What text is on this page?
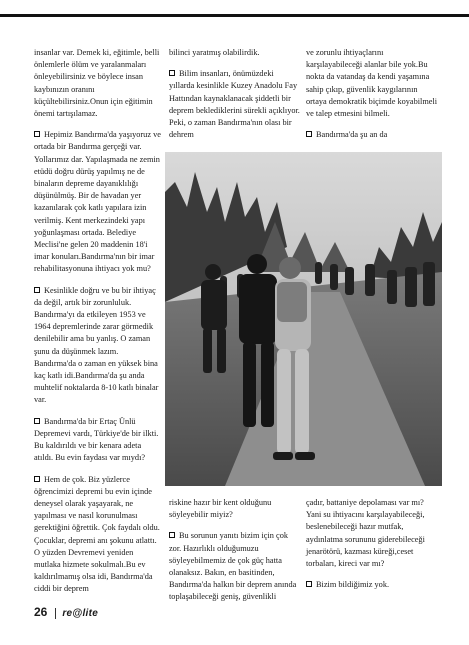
insanlar var. Demek ki, eğitimle, belli önlemlerle ölüm ve yaralanmaları önleyebilirsiniz ve böylece insan kaybınızın oranını küçültebilirsiniz.Onun için eğitimin önemi tartışılamaz.

Hepimiz Bandırma'da yaşıyoruz ve ortada bir Bandırma gerçeği var. Yollarımız dar. Yapılaşmada ne zemin etüdü doğru dürüş yapılmış ne de binaların depreme dayanıklılığı düşünülmüş. Bir de havadan yer kazanılarak çok katlı yapılara izin verilmiş. Kent merkezindeki yapı yoğunlaşması ortada. Belediye Meclisi'ne gelen 20 maddenin 18'i imar konuları.Bandırma'nın bir imar rehabilitasyonuna ihtiyacı yok mu?

Kesinlikle doğru ve bu bir ihtiyaç da değil, artık bir zorunluluk. Bandırma'yı da etkileyen 1953 ve 1964 depremlerinde zarar görmedik denilebilir ama bu yanlış. O zaman şunu da düşünmek lazım. Bandırma'da o zaman en yüksek bina kaç katlı idi.Bandırma'da şu anda muhtelif noktalarda 8-10 katlı binalar var.

Bandırma'da bir Ertaç Ünlü Depremevi vardı, Türkiye'de bir ilkti. Bu kaldırıldı ve bir kenara adeta atıldı. Bu evin faydası var mıydı?

Hem de çok. Biz yüzlerce öğrencimizi depremi bu evin içinde deneysel olarak yaşayarak, ne yapılması ve nasıl korunulması gerektiğini öğrettik. Çok faydalı oldu. Çocuklar, depremi anı şokunu atlattı. O yüzden Devremevi yeniden mutlaka hizmete sokulmalı.Bu ev kaldırılmamış olsa idi, Bandırma'da ciddi bir deprem

bilinci yaratmış olabilirdik.

Bilim insanları, önümüzdeki yıllarda kesinlikle Kuzey Anadolu Fay Hattından kaynaklanacak şiddetli bir deprem beklediklerini sürekli açıklıyor. Peki, o zaman Bandırma'nın olası bir dehrem

ve zorunlu ihtiyaçlarını karşılayabileceği alanlar bile yok.Bu nokta da vatandaş da kendi yaşamına sahip çıkıp, güvenlik kaygılarının ortaya demokratik biçimde koyabilmeli ve talep etmesini bilmeli.

Bandırma'da şu an da

riskine hazır bir kent olduğunu söyleyebilir miyiz?

Bu sorunun yanıtı bizim için çok zor. Hazırlıklı olduğumuzu söyleyebilmemiz de çok güç hatta olanaksız. Bakın, en basitinden, Bandırma'da halkın bir deprem anında toplaşabileceği geniş, güvenlikli

çadır, battaniye depolaması var mı? Yani su ihtiyacını karşılayabileceği, beslenebileceği hazır mutfak, aydınlatma sorununu giderebileceği jenarötörü, kazması küreği,ceset torbaları, kireci var mı?

Bizim bildiğimiz yok.

26	re@lite
